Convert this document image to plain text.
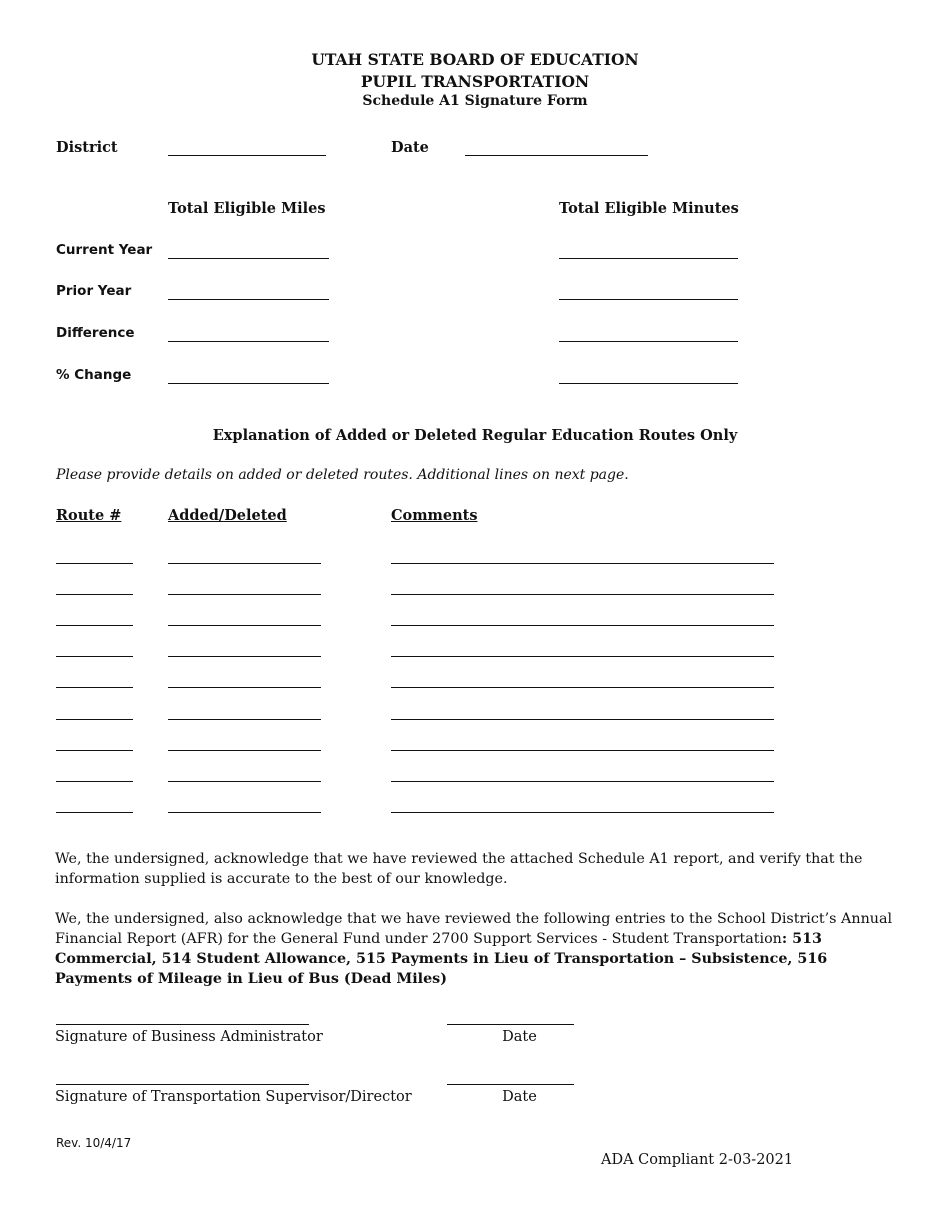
UTAH STATE BOARD OF EDUCATION
PUPIL TRANSPORTATION
Schedule A1 Signature Form
District	Date
Total Eligible Miles	Total Eligible Minutes
Current Year
Prior Year
Difference
% Change
Explanation of Added or Deleted Regular Education Routes Only
Please provide details on added or deleted routes. Additional lines on next page.
Route #	Added/Deleted	Comments
We, the undersigned, acknowledge that we have reviewed the attached Schedule A1 report, and verify that the information supplied is accurate to the best of our knowledge.
We, the undersigned, also acknowledge that we have reviewed the following entries to the School District’s Annual Financial Report (AFR) for the General Fund under 2700 Support Services - Student Transportation: 513 Commercial, 514 Student Allowance, 515 Payments in Lieu of Transportation – Subsistence, 516 Payments of Mileage in Lieu of Bus (Dead Miles)
Signature of Business Administrator	Date
Signature of Transportation Supervisor/Director	Date
Rev. 10/4/17
ADA Compliant 2-03-2021
